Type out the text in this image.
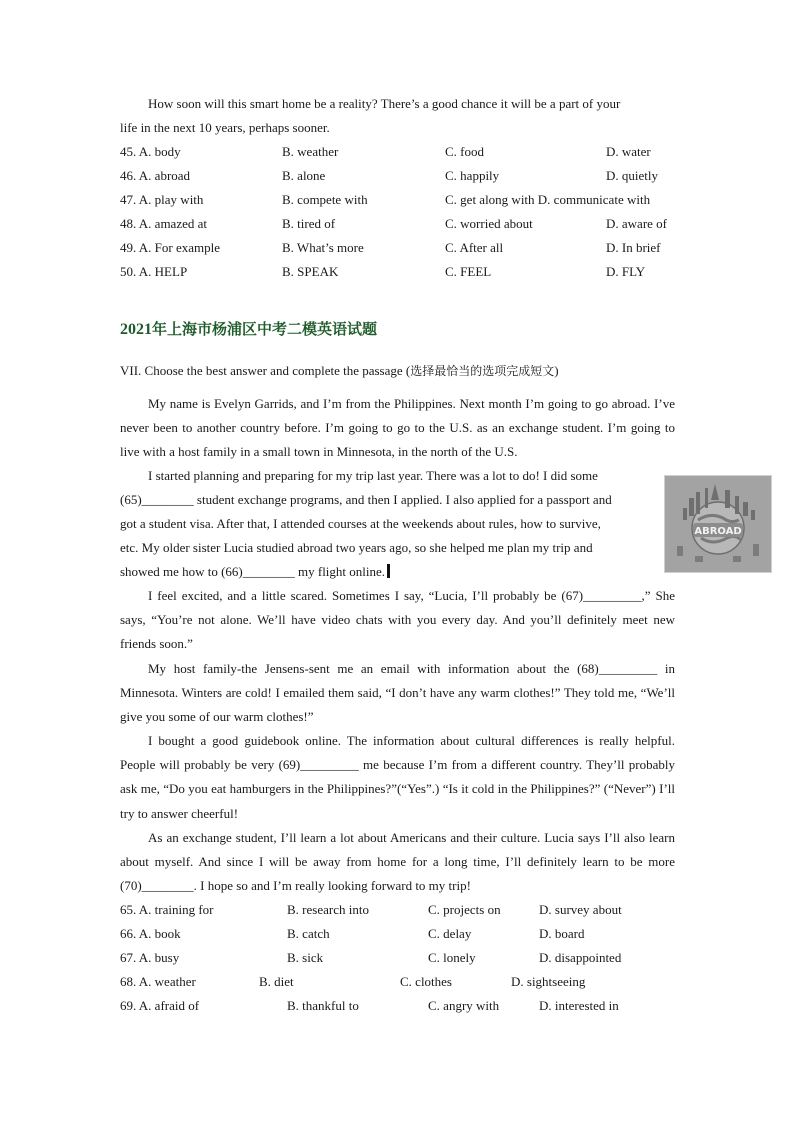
How soon will this smart home be a reality? There’s a good chance it will be a part of your

life in the next 10 years, perhaps sooner.

45. A. body	B. weather	C. food	D. water
46. A. abroad	B. alone	C. happily	D. quietly
47. A. play with	B. compete with	C. get along with D. communicate with
48. A. amazed at	B. tired of	C. worried about	D. aware of
49. A. For example	B. What’s more	C. After all	D. In brief
50. A. HELP	B. SPEAK	C. FEEL	D. FLY
2021年上海市杨浦区中考二模英语试题
VII. Choose the best answer and complete the passage (选择最恰当的选项完成短文)

My name is Evelyn Garrids, and I’m from the Philippines. Next month I’m going to go abroad. I’ve never been to another country before. I’m going to go to the U.S. as an exchange student. I’m going to live with a host family in a small town in Minnesota, in the north of the U.S.

I started planning and preparing for my trip last year. There was a lot to do! I did some

(65)________ student exchange programs, and then I applied. I also applied for a passport and

got a student visa. After that, I attended courses at the weekends about rules, how to survive,

etc. My older sister Lucia studied abroad two years ago, so she helped me plan my trip and

showed me how to (66)________ my flight online.

ABROAD

I feel excited, and a little scared. Sometimes I say, “Lucia, I’ll probably be (67)_________,” She says, “You’re not alone. We’ll have video chats with you every day. And you’ll definitely meet new friends soon.”

My host family-the Jensens-sent me an email with information about the (68)_________ in Minnesota. Winters are cold! I emailed them said, “I don’t have any warm clothes!” They told me, “We’ll give you some of our warm clothes!”

I bought a good guidebook online. The information about cultural differences is really helpful. People will probably be very (69)_________ me because I’m from a different country. They’ll probably ask me, “Do you eat hamburgers in the Philippines?”(“Yes”.) “Is it cold in the Philippines?” (“Never”) I’ll try to answer cheerful!

As an exchange student, I’ll learn a lot about Americans and their culture. Lucia says I’ll also learn about myself. And since I will be away from home for a long time, I’ll definitely learn to be more (70)________. I hope so and I’m really looking forward to my trip!

65. A. training for	B. research into	C. projects on	D. survey about
66. A. book	B. catch	C. delay	D. board
67. A. busy	B. sick	C. lonely	D. disappointed
68. A. weather	B. diet	C. clothes	D. sightseeing
69. A. afraid of	B. thankful to	C. angry with	D. interested in
